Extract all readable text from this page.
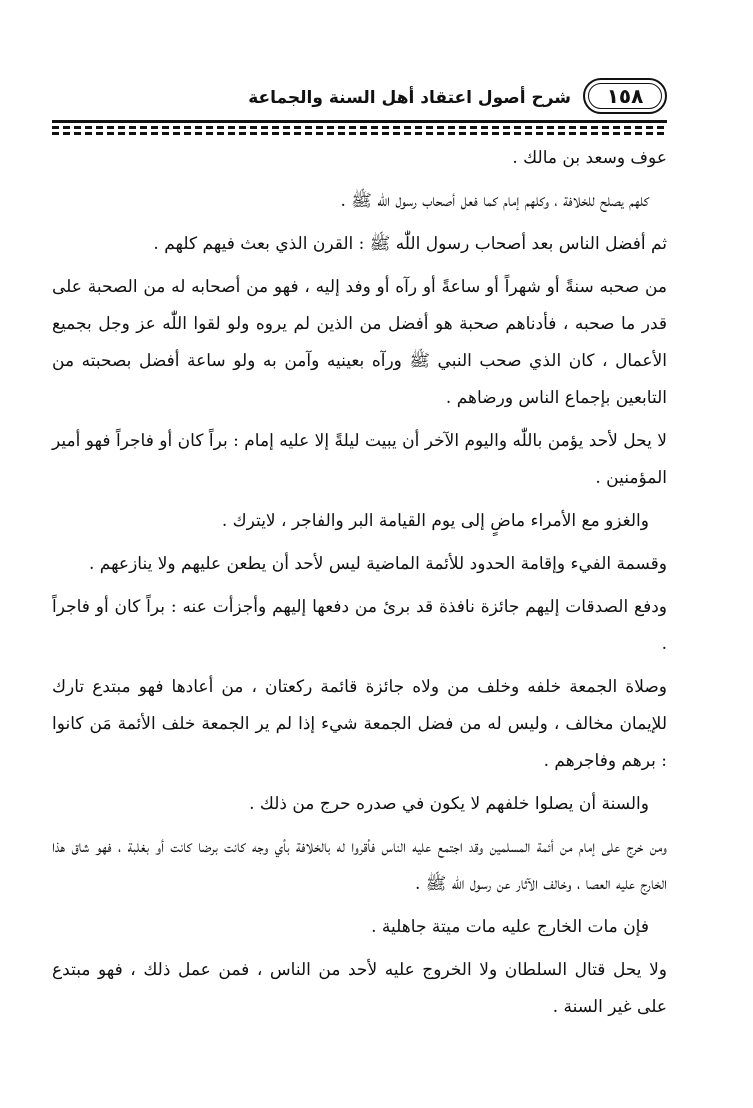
١٥٨
شرح أصول اعتقاد أهل السنة والجماعة

عوف وسعد بن مالك .

كلهم يصلح للخلافة ، وكلهم إمام كما فعل أصحاب رسول اللّٰه ﷺ .

ثم أفضل الناس بعد أصحاب رسول اللّٰه ﷺ : القرن الذي بعث فيهم كلهم .

من صحبه سنةً أو شهراً أو ساعةً أو رآه أو وفد إليه ، فهو من أصحابه له من الصحبة على قدر ما صحبه ، فأدناهم صحبة هو أفضل من الذين لم يروه ولو لقوا اللّٰه عز وجل بجميع الأعمال ، كان الذي صحب النبي ﷺ ورآه بعينيه وآمن به ولو ساعة أفضل بصحبته من التابعين بإجماع الناس ورضاهم .

لا يحل لأحد يؤمن باللّٰه واليوم الآخر أن يبيت ليلةً إلا عليه إمام : براً كان أو فاجراً فهو أمير المؤمنين .

والغزو مع الأمراء ماضٍ إلى يوم القيامة البر والفاجر ، لايترك .

وقسمة الفيء وإقامة الحدود للأئمة الماضية ليس لأحد أن يطعن عليهم ولا ينازعهم .

ودفع الصدقات إليهم جائزة نافذة قد برئ من دفعها إليهم وأجزأت عنه : براً كان أو فاجراً .

وصلاة الجمعة خلفه وخلف من ولاه جائزة قائمة ركعتان ، من أعادها فهو مبتدع تارك للإيمان مخالف ، وليس له من فضل الجمعة شيء إذا لم ير الجمعة خلف الأئمة مَن كانوا : برهم وفاجرهم .

والسنة أن يصلوا خلفهم لا يكون في صدره حرج من ذلك .

ومن خرج على إمام من أئمة المسلمين وقد اجتمع عليه الناس فأقروا له بالخلافة بأي وجه كانت برضا كانت أو بغلبة ، فهو شاق هذا الخارج عليه العصا ، وخالف الآثار عن رسول اللّٰه ﷺ .

فإن مات الخارج عليه مات ميتة جاهلية .

ولا يحل قتال السلطان ولا الخروج عليه لأحد من الناس ، فمن عمل ذلك ، فهو مبتدع على غير السنة .
